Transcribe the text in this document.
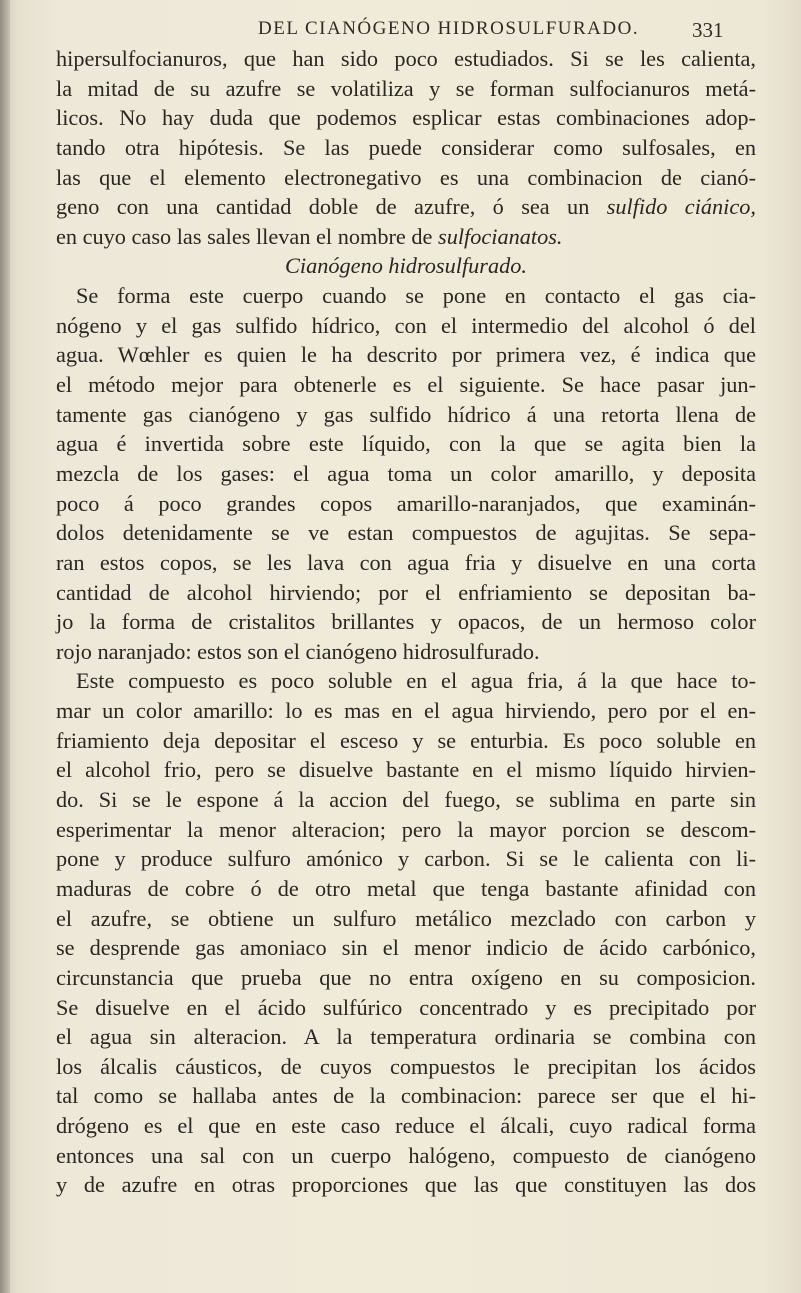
DEL CIANÓGENO HIDROSULFURADO.	331
hipersulfocianuros, que han sido poco estudiados. Si se les calienta,
la mitad de su azufre se volatiliza y se forman sulfocianuros metá-
licos. No hay duda que podemos esplicar estas combinaciones adop-
tando otra hipótesis. Se las puede considerar como sulfosales, en
las que el elemento electronegativo es una combinacion de cianó-
geno con una cantidad doble de azufre, ó sea un sulfido ciánico,
en cuyo caso las sales llevan el nombre de sulfocianatos.
Cianógeno hidrosulfurado.
Se forma este cuerpo cuando se pone en contacto el gas cia-
nógeno y el gas sulfido hídrico, con el intermedio del alcohol ó del
agua. Wœhler es quien le ha descrito por primera vez, é indica que
el método mejor para obtenerle es el siguiente. Se hace pasar jun-
tamente gas cianógeno y gas sulfido hídrico á una retorta llena de
agua é invertida sobre este líquido, con la que se agita bien la
mezcla de los gases: el agua toma un color amarillo, y deposita
poco á poco grandes copos amarillo-naranjados, que examinán-
dolos detenidamente se ve estan compuestos de agujitas. Se sepa-
ran estos copos, se les lava con agua fria y disuelve en una corta
cantidad de alcohol hirviendo; por el enfriamiento se depositan ba-
jo la forma de cristalitos brillantes y opacos, de un hermoso color
rojo naranjado: estos son el cianógeno hidrosulfurado.
Este compuesto es poco soluble en el agua fria, á la que hace to-
mar un color amarillo: lo es mas en el agua hirviendo, pero por el en-
friamiento deja depositar el esceso y se enturbia. Es poco soluble en
el alcohol frio, pero se disuelve bastante en el mismo líquido hirvien-
do. Si se le espone á la accion del fuego, se sublima en parte sin
esperimentar la menor alteracion; pero la mayor porcion se descom-
pone y produce sulfuro amónico y carbon. Si se le calienta con li-
maduras de cobre ó de otro metal que tenga bastante afinidad con
el azufre, se obtiene un sulfuro metálico mezclado con carbon y
se desprende gas amoniaco sin el menor indicio de ácido carbónico,
circunstancia que prueba que no entra oxígeno en su composicion.
Se disuelve en el ácido sulfúrico concentrado y es precipitado por
el agua sin alteracion. A la temperatura ordinaria se combina con
los álcalis cáusticos, de cuyos compuestos le precipitan los ácidos
tal como se hallaba antes de la combinacion: parece ser que el hi-
drógeno es el que en este caso reduce el álcali, cuyo radical forma
entonces una sal con un cuerpo halógeno, compuesto de cianógeno
y de azufre en otras proporciones que las que constituyen las dos
